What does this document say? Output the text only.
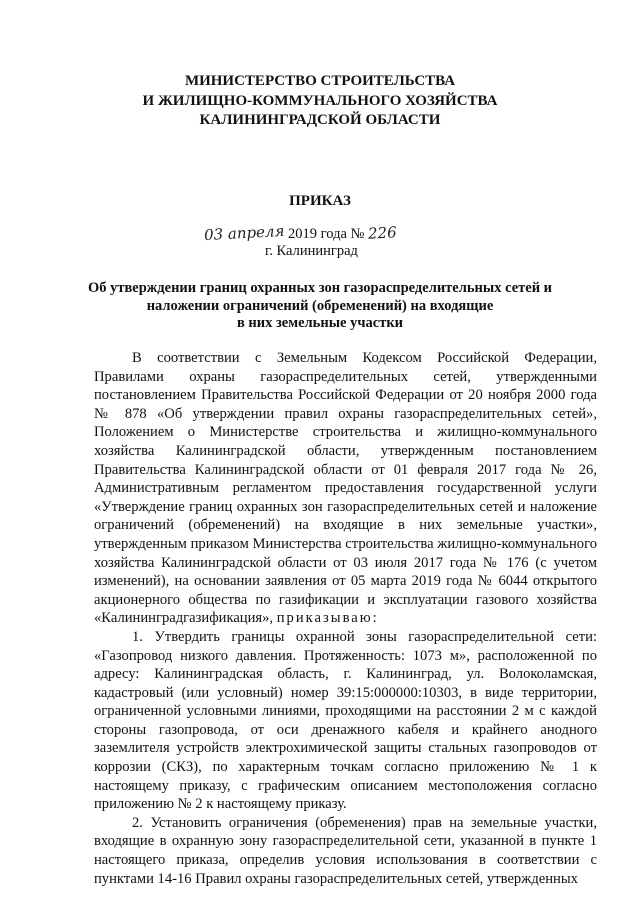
МИНИСТЕРСТВО СТРОИТЕЛЬСТВА
И ЖИЛИЩНО-КОММУНАЛЬНОГО ХОЗЯЙСТВА
КАЛИНИНГРАДСКОЙ ОБЛАСТИ
ПРИКАЗ
03 апреля 2019 года № 226
г. Калининград
Об утверждении границ охранных зон газораспределительных сетей и
наложении ограничений (обременений) на входящие
в них земельные участки

В соответствии с Земельным Кодексом Российской Федерации, Правилами охраны газораспределительных сетей, утвержденными постановлением Правительства Российской Федерации от 20 ноября 2000 года № 878 «Об утверждении правил охраны газораспределительных сетей», Положением о Министерстве строительства и жилищно-коммунального хозяйства Калининградской области, утвержденным постановлением Правительства Калининградской области от 01 февраля 2017 года № 26, Административным регламентом предоставления государственной услуги «Утверждение границ охранных зон газораспределительных сетей и наложение ограничений (обременений) на входящие в них земельные участки», утвержденным приказом Министерства строительства жилищно-коммунального хозяйства Калининградской области от 03 июля 2017 года № 176 (с учетом изменений), на основании заявления от 05 марта 2019 года № 6044 открытого акционерного общества по газификации и эксплуатации газового хозяйства «Калининградгазификация», приказываю:

1. Утвердить границы охранной зоны газораспределительной сети: «Газопровод низкого давления. Протяженность: 1073 м», расположенной по адресу: Калининградская область, г. Калининград, ул. Волоколамская, кадастровый (или условный) номер 39:15:000000:10303, в виде территории, ограниченной условными линиями, проходящими на расстоянии 2 м с каждой стороны газопровода, от оси дренажного кабеля и крайнего анодного заземлителя устройств электрохимической защиты стальных газопроводов от коррозии (СКЗ), по характерным точкам согласно приложению № 1 к настоящему приказу, с графическим описанием местоположения согласно приложению № 2 к настоящему приказу.

2. Установить ограничения (обременения) прав на земельные участки, входящие в охранную зону газораспределительной сети, указанной в пункте 1 настоящего приказа, определив условия использования в соответствии с пунктами 14-16 Правил охраны газораспределительных сетей, утвержденных
